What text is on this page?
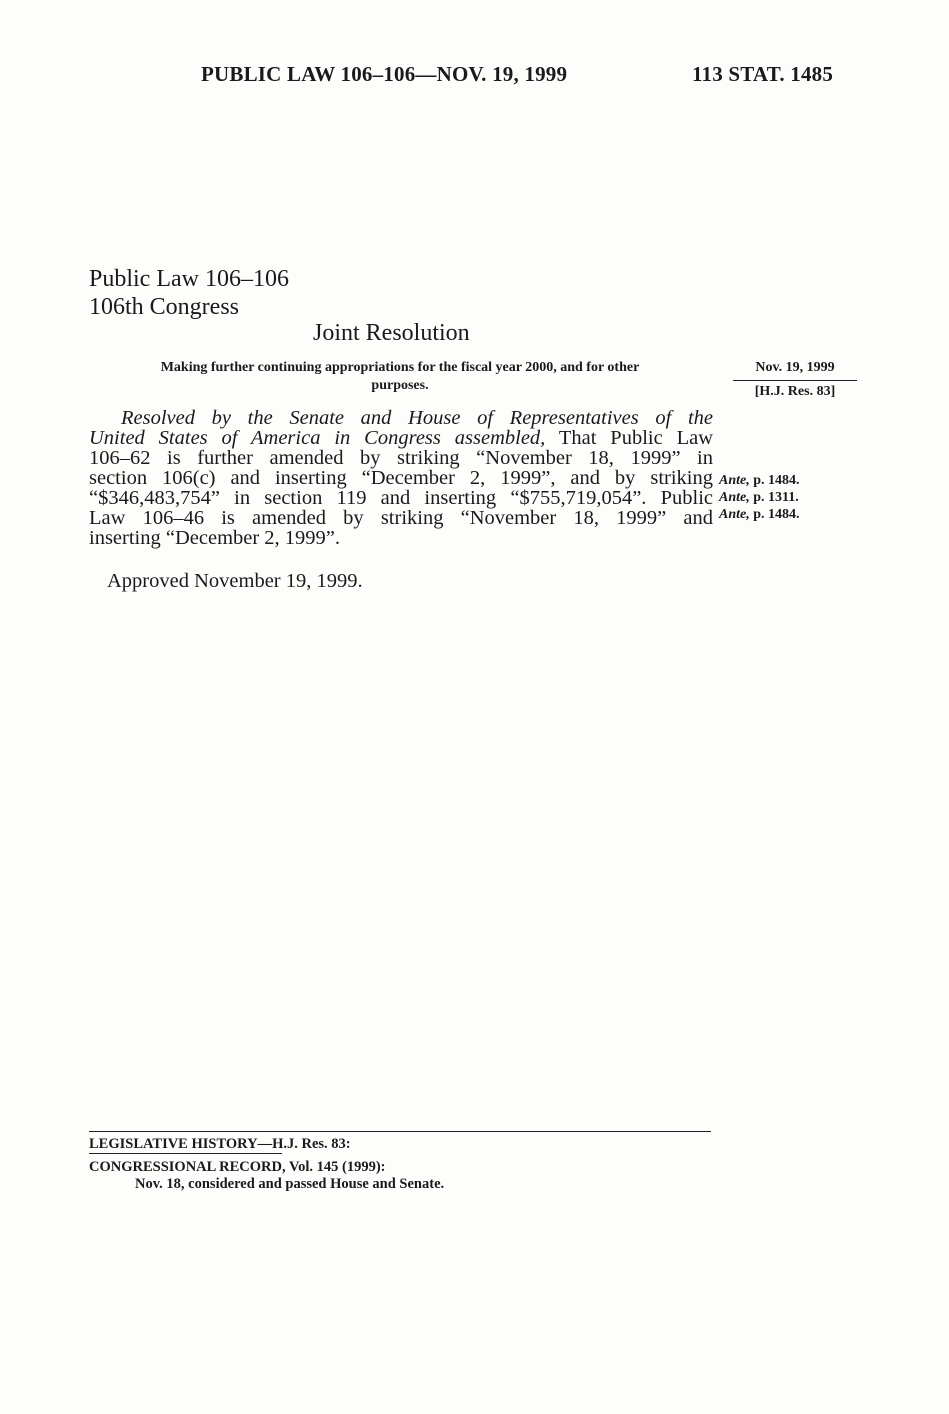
PUBLIC LAW 106–106—NOV. 19, 1999	113 STAT. 1485
Public Law 106–106
106th Congress
Joint Resolution
Making further continuing appropriations for the fiscal year 2000, and for other
purposes.
Nov. 19, 1999
[H.J. Res. 83]
Resolved by the Senate and House of Representatives of the
United States of America in Congress assembled, That Public Law
106–62 is further amended by striking “November 18, 1999” in
section 106(c) and inserting “December 2, 1999”, and by striking
“$346,483,754” in section 119 and inserting “$755,719,054”. Public
Law 106–46 is amended by striking “November 18, 1999” and
inserting “December 2, 1999”.
Ante, p. 1484.
Ante, p. 1311.
Ante, p. 1484.
Approved November 19, 1999.
LEGISLATIVE HISTORY—H.J. Res. 83:
CONGRESSIONAL RECORD, Vol. 145 (1999):
Nov. 18, considered and passed House and Senate.
